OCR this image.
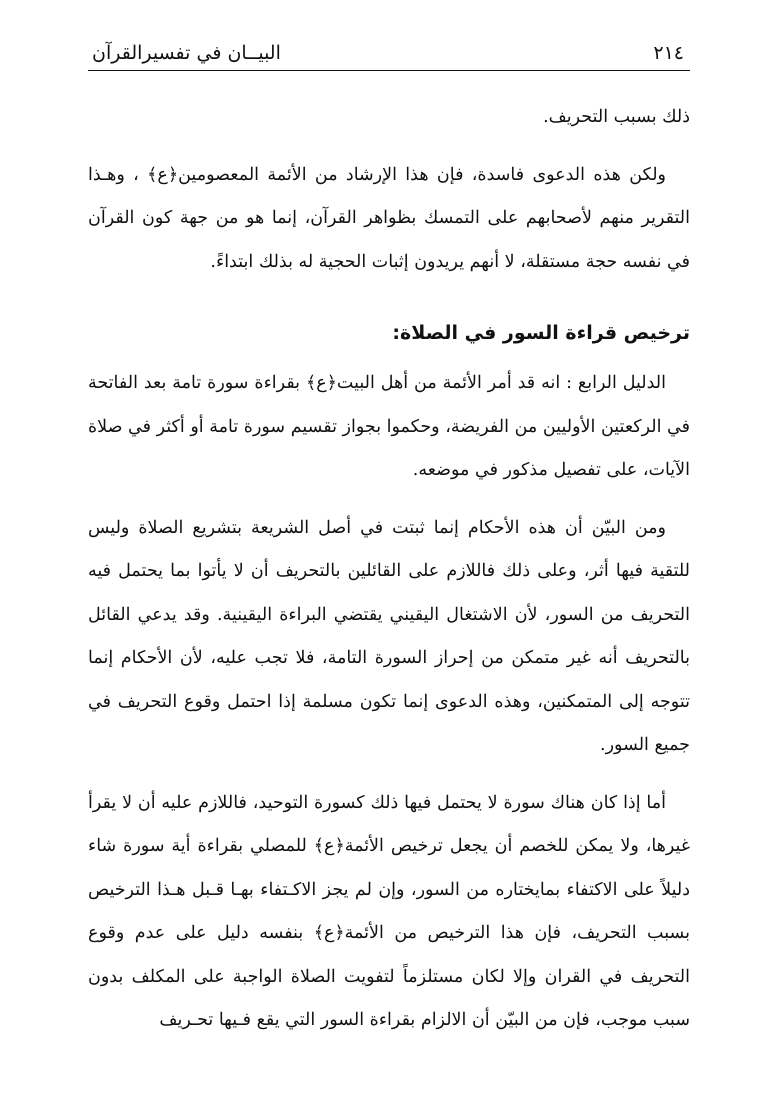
٢١٤
البيــان في تفسيرالقرآن

ذلك بسبب التحريف.

ولكن هذه الدعوى فاسدة، فإن هذا الإرشاد من الأئمة المعصومين﴿ع﴾ ، وهـذا التقرير منهم لأصحابهم على التمسك بظواهر القرآن، إنما هو من جهة كون القرآن في نفسه حجة مستقلة، لا أنهم يريدون إثبات الحجية له بذلك ابتداءً.

ترخيص قراءة السور في الصلاة:

الدليل الرابع : انه قد أمر الأئمة من أهل البيت﴿ع﴾ بقراءة سورة تامة بعد الفاتحة في الركعتين الأوليين من الفريضة، وحكموا بجواز تقسيم سورة تامة أو أكثر في صلاة الآيات، على تفصيل مذكور في موضعه.

ومن البيّن أن هذه الأحكام إنما ثبتت في أصل الشريعة بتشريع الصلاة وليس للتقية فيها أثر، وعلى ذلك فاللازم على القائلين بالتحريف أن لا يأتوا بما يحتمل فيه التحريف من السور، لأن الاشتغال اليقيني يقتضي البراءة اليقينية. وقد يدعي القائل بالتحريف أنه غير متمكن من إحراز السورة التامة، فلا تجب عليه، لأن الأحكام إنما تتوجه إلى المتمكنين، وهذه الدعوى إنما تكون مسلمة إذا احتمل وقوع التحريف في جميع السور.

أما إذا كان هناك سورة لا يحتمل فيها ذلك كسورة التوحيد، فاللازم عليه أن لا يقرأ غيرها، ولا يمكن للخصم أن يجعل ترخيص الأئمة﴿ع﴾ للمصلي بقراءة أية سورة شاء دليلاً على الاكتفاء بمايختاره من السور، وإن لم يجز الاكـتفاء بهـا قـبل هـذا الترخيص بسبب التحريف، فإن هذا الترخيص من الأئمة﴿ع﴾ بنفسه دليل على عدم وقوع التحريف في القران وإلا لكان مستلزماً لتفويت الصلاة الواجبة على المكلف بدون سبب موجب، فإن من البيّن أن الالزام بقراءة السور التي يقع فـيها تحـريف
